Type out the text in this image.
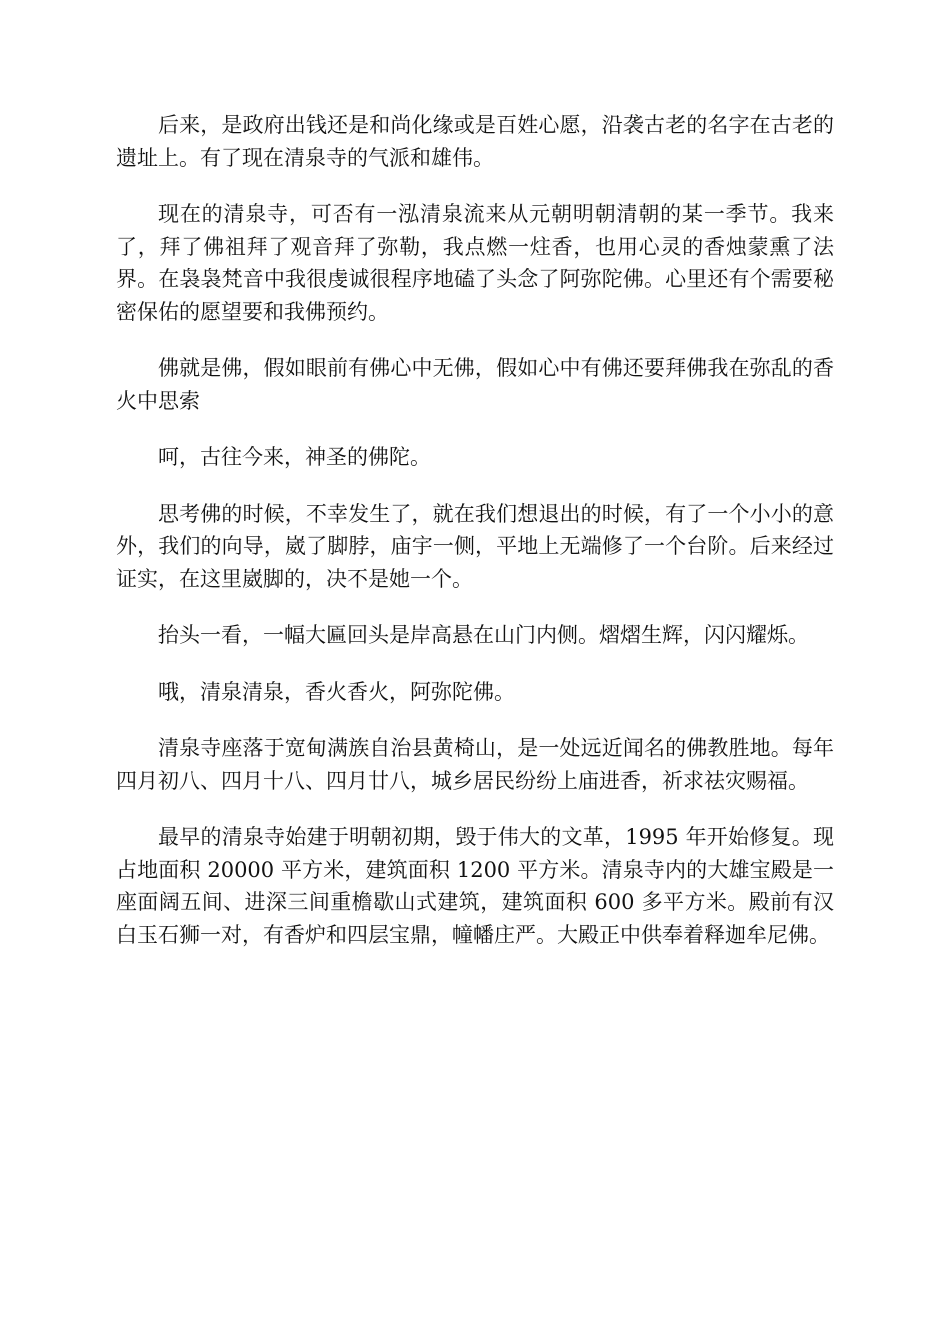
后来，是政府出钱还是和尚化缘或是百姓心愿，沿袭古老的名字在古老的遗址上。有了现在清泉寺的气派和雄伟。

现在的清泉寺，可否有一泓清泉流来从元朝明朝清朝的某一季节。我来了，拜了佛祖拜了观音拜了弥勒，我点燃一炷香，也用心灵的香烛蒙熏了法界。在袅袅梵音中我很虔诚很程序地磕了头念了阿弥陀佛。心里还有个需要秘密保佑的愿望要和我佛预约。

佛就是佛，假如眼前有佛心中无佛，假如心中有佛还要拜佛我在弥乱的香火中思索

呵，古往今来，神圣的佛陀。

思考佛的时候，不幸发生了，就在我们想退出的时候，有了一个小小的意外，我们的向导，崴了脚脖，庙宇一侧，平地上无端修了一个台阶。后来经过证实，在这里崴脚的，决不是她一个。

抬头一看，一幅大匾回头是岸高悬在山门内侧。熠熠生辉，闪闪耀烁。

哦，清泉清泉，香火香火，阿弥陀佛。

清泉寺座落于宽甸满族自治县黄椅山，是一处远近闻名的佛教胜地。每年四月初八、四月十八、四月廿八，城乡居民纷纷上庙进香，祈求祛灾赐福。

最早的清泉寺始建于明朝初期，毁于伟大的文革，1995 年开始修复。现占地面积 20000 平方米，建筑面积 1200 平方米。清泉寺内的大雄宝殿是一座面阔五间、进深三间重檐歇山式建筑，建筑面积 600 多平方米。殿前有汉白玉石狮一对，有香炉和四层宝鼎，幢幡庄严。大殿正中供奉着释迦牟尼佛。
